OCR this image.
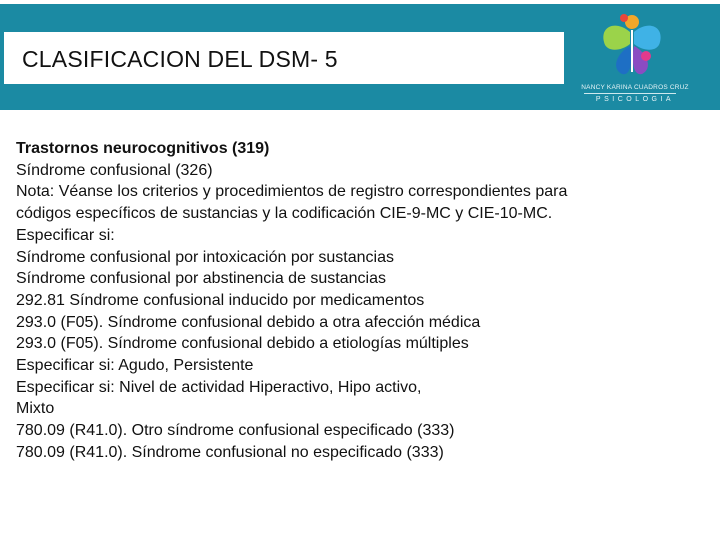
CLASIFICACION DEL DSM- 5
NANCY KARINA CUADROS CRUZ
PSICOLOGIA
Trastornos neurocognitivos (319)
Síndrome confusional (326)
Nota: Véanse los criterios y procedimientos de registro correspondientes para
códigos específicos de sustancias y la codificación CIE-9-MC y CIE-10-MC.
Especificar si:
Síndrome confusional por intoxicación por sustancias
Síndrome confusional por abstinencia de sustancias
292.81 Síndrome confusional inducido por medicamentos
293.0 (F05). Síndrome confusional debido a otra afección médica
293.0 (F05). Síndrome confusional debido a etiologías múltiples
Especificar si: Agudo, Persistente
Especificar si: Nivel de actividad Hiperactivo, Hipo activo,
Mixto
780.09 (R41.0). Otro síndrome confusional especificado (333)
780.09 (R41.0). Síndrome confusional no especificado (333)
